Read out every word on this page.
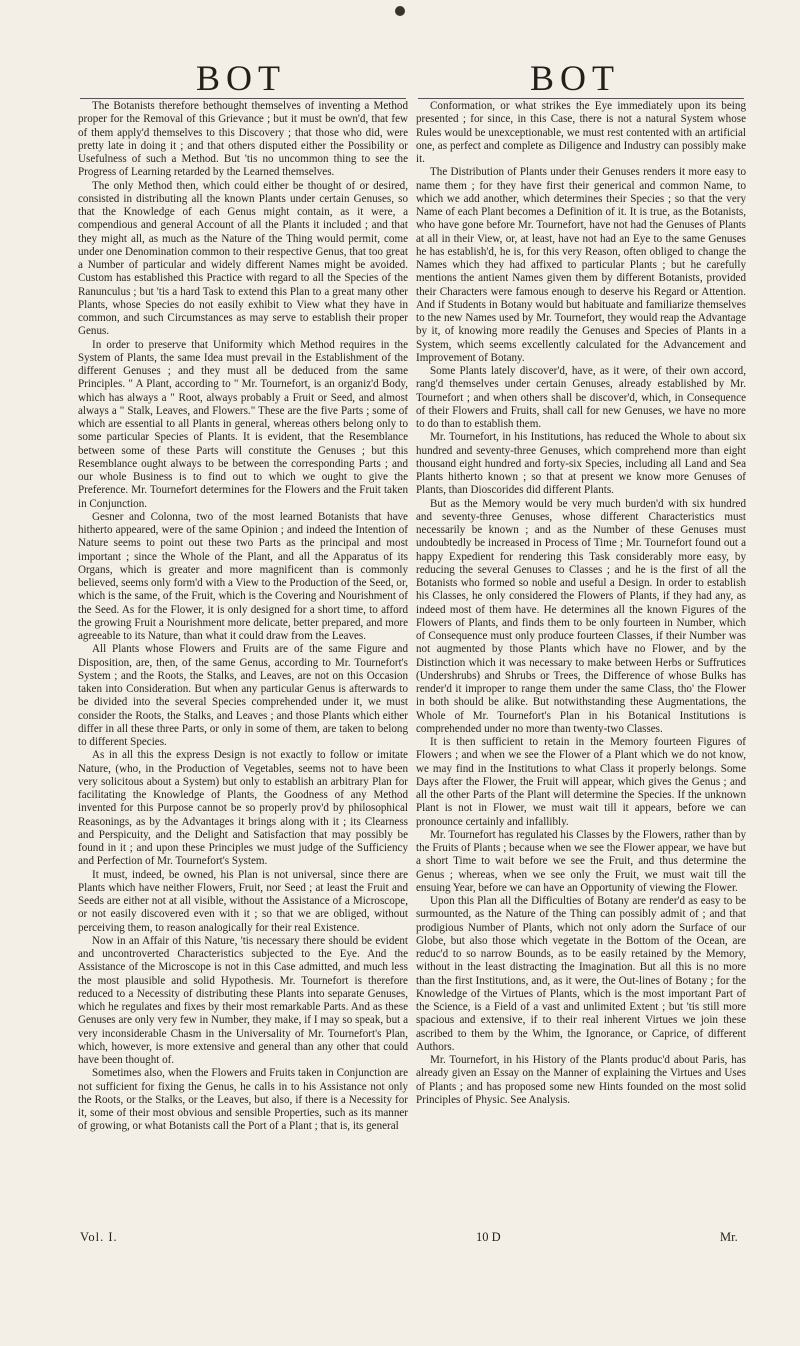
BOT	BOT

The Botanists therefore bethought themselves of inventing a Method proper for the Removal of this Grievance ; but it must be own'd, that few of them apply'd themselves to this Discovery ; that those who did, were pretty late in doing it ; and that others disputed either the Possibility or Usefulness of such a Method. But 'tis no uncommon thing to see the Progress of Learning retarded by the Learned themselves.

The only Method then, which could either be thought of or desired, consisted in distributing all the known Plants under certain Genuses, so that the Knowledge of each Genus might contain, as it were, a compendious and general Account of all the Plants it included ; and that they might all, as much as the Nature of the Thing would permit, come under one Denomination common to their respective Genus, that too great a Number of particular and widely different Names might be avoided. Custom has established this Practice with regard to all the Species of the Ranunculus ; but 'tis a hard Task to extend this Plan to a great many other Plants, whose Species do not easily exhibit to View what they have in common, and such Circumstances as may serve to establish their proper Genus.

In order to preserve that Uniformity which Method requires in the System of Plants, the same Idea must prevail in the Establishment of the different Genuses ; and they must all be deduced from the same Principles. " A Plant, according to " Mr. Tournefort, is an organiz'd Body, which has always a " Root, always probably a Fruit or Seed, and almost always a " Stalk, Leaves, and Flowers." These are the five Parts ; some of which are essential to all Plants in general, whereas others belong only to some particular Species of Plants. It is evident, that the Resemblance between some of these Parts will constitute the Genuses ; but this Resemblance ought always to be between the corresponding Parts ; and our whole Business is to find out to which we ought to give the Preference. Mr. Tournefort determines for the Flowers and the Fruit taken in Conjunction.

Gesner and Colonna, two of the most learned Botanists that have hitherto appeared, were of the same Opinion ; and indeed the Intention of Nature seems to point out these two Parts as the principal and most important ; since the Whole of the Plant, and all the Apparatus of its Organs, which is greater and more magnificent than is commonly believed, seems only form'd with a View to the Production of the Seed, or, which is the same, of the Fruit, which is the Covering and Nourishment of the Seed. As for the Flower, it is only designed for a short time, to afford the growing Fruit a Nourishment more delicate, better prepared, and more agreeable to its Nature, than what it could draw from the Leaves.

All Plants whose Flowers and Fruits are of the same Figure and Disposition, are, then, of the same Genus, according to Mr. Tournefort's System ; and the Roots, the Stalks, and Leaves, are not on this Occasion taken into Consideration. But when any particular Genus is afterwards to be divided into the several Species comprehended under it, we must consider the Roots, the Stalks, and Leaves ; and those Plants which either differ in all these three Parts, or only in some of them, are taken to belong to different Species.

As in all this the express Design is not exactly to follow or imitate Nature, (who, in the Production of Vegetables, seems not to have been very solicitous about a System) but only to establish an arbitrary Plan for facilitating the Knowledge of Plants, the Goodness of any Method invented for this Purpose cannot be so properly prov'd by philosophical Reasonings, as by the Advantages it brings along with it ; its Clearness and Perspicuity, and the Delight and Satisfaction that may possibly be found in it ; and upon these Principles we must judge of the Sufficiency and Perfection of Mr. Tournefort's System.

It must, indeed, be owned, his Plan is not universal, since there are Plants which have neither Flowers, Fruit, nor Seed ; at least the Fruit and Seeds are either not at all visible, without the Assistance of a Microscope, or not easily discovered even with it ; so that we are obliged, without perceiving them, to reason analogically for their real Existence.

Now in an Affair of this Nature, 'tis necessary there should be evident and uncontroverted Characteristics subjected to the Eye. And the Assistance of the Microscope is not in this Case admitted, and much less the most plausible and solid Hypothesis. Mr. Tournefort is therefore reduced to a Necessity of distributing these Plants into separate Genuses, which he regulates and fixes by their most remarkable Parts. And as these Genuses are only very few in Number, they make, if I may so speak, but a very inconsiderable Chasm in the Universality of Mr. Tournefort's Plan, which, however, is more extensive and general than any other that could have been thought of.

Sometimes also, when the Flowers and Fruits taken in Conjunction are not sufficient for fixing the Genus, he calls in to his Assistance not only the Roots, or the Stalks, or the Leaves, but also, if there is a Necessity for it, some of their most obvious and sensible Properties, such as its manner of growing, or what Botanists call the Port of a Plant ; that is, its general

Conformation, or what strikes the Eye immediately upon its being presented ; for since, in this Case, there is not a natural System whose Rules would be unexceptionable, we must rest contented with an artificial one, as perfect and complete as Diligence and Industry can possibly make it.

The Distribution of Plants under their Genuses renders it more easy to name them ; for they have first their generical and common Name, to which we add another, which determines their Species ; so that the very Name of each Plant becomes a Definition of it. It is true, as the Botanists, who have gone before Mr. Tournefort, have not had the Genuses of Plants at all in their View, or, at least, have not had an Eye to the same Genuses he has establish'd, he is, for this very Reason, often obliged to change the Names which they had affixed to particular Plants ; but he carefully mentions the antient Names given them by different Botanists, provided their Characters were famous enough to deserve his Regard or Attention. And if Students in Botany would but habituate and familiarize themselves to the new Names used by Mr. Tournefort, they would reap the Advantage by it, of knowing more readily the Genuses and Species of Plants in a System, which seems excellently calculated for the Advancement and Improvement of Botany.

Some Plants lately discover'd, have, as it were, of their own accord, rang'd themselves under certain Genuses, already established by Mr. Tournefort ; and when others shall be discover'd, which, in Consequence of their Flowers and Fruits, shall call for new Genuses, we have no more to do than to establish them.

Mr. Tournefort, in his Institutions, has reduced the Whole to about six hundred and seventy-three Genuses, which comprehend more than eight thousand eight hundred and forty-six Species, including all Land and Sea Plants hitherto known ; so that at present we know more Genuses of Plants, than Dioscorides did different Plants.

But as the Memory would be very much burden'd with six hundred and seventy-three Genuses, whose different Characteristics must necessarily be known ; and as the Number of these Genuses must undoubtedly be increased in Process of Time ; Mr. Tournefort found out a happy Expedient for rendering this Task considerably more easy, by reducing the several Genuses to Classes ; and he is the first of all the Botanists who formed so noble and useful a Design. In order to establish his Classes, he only considered the Flowers of Plants, if they had any, as indeed most of them have. He determines all the known Figures of the Flowers of Plants, and finds them to be only fourteen in Number, which of Consequence must only produce fourteen Classes, if their Number was not augmented by those Plants which have no Flower, and by the Distinction which it was necessary to make between Herbs or Suffrutices (Undershrubs) and Shrubs or Trees, the Difference of whose Bulks has render'd it improper to range them under the same Class, tho' the Flower in both should be alike. But notwithstanding these Augmentations, the Whole of Mr. Tournefort's Plan in his Botanical Institutions is comprehended under no more than twenty-two Classes.

It is then sufficient to retain in the Memory fourteen Figures of Flowers ; and when we see the Flower of a Plant which we do not know, we may find in the Institutions to what Class it properly belongs. Some Days after the Flower, the Fruit will appear, which gives the Genus ; and all the other Parts of the Plant will determine the Species. If the unknown Plant is not in Flower, we must wait till it appears, before we can pronounce certainly and infallibly.

Mr. Tournefort has regulated his Classes by the Flowers, rather than by the Fruits of Plants ; because when we see the Flower appear, we have but a short Time to wait before we see the Fruit, and thus determine the Genus ; whereas, when we see only the Fruit, we must wait till the ensuing Year, before we can have an Opportunity of viewing the Flower.

Upon this Plan all the Difficulties of Botany are render'd as easy to be surmounted, as the Nature of the Thing can possibly admit of ; and that prodigious Number of Plants, which not only adorn the Surface of our Globe, but also those which vegetate in the Bottom of the Ocean, are reduc'd to so narrow Bounds, as to be easily retained by the Memory, without in the least distracting the Imagination. But all this is no more than the first Institutions, and, as it were, the Out-lines of Botany ; for the Knowledge of the Virtues of Plants, which is the most important Part of the Science, is a Field of a vast and unlimited Extent ; but 'tis still more spacious and extensive, if to their real inherent Virtues we join these ascribed to them by the Whim, the Ignorance, or Caprice, of different Authors.

Mr. Tournefort, in his History of the Plants produc'd about Paris, has already given an Essay on the Manner of explaining the Virtues and Uses of Plants ; and has proposed some new Hints founded on the most solid Principles of Physic. See Analysis.

Vol. I.	10 D	Mr.
